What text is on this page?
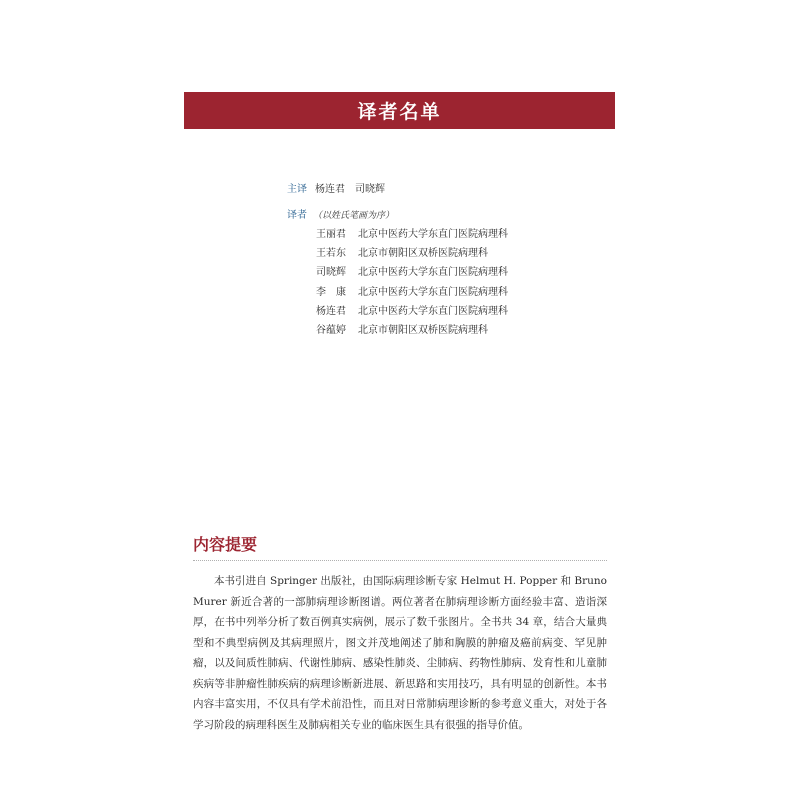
译者名单
主译 杨连君　司晓辉
译者 （以姓氏笔画为序）
王丽君 北京中医药大学东直门医院病理科
王若东 北京市朝阳区双桥医院病理科
司晓辉 北京中医药大学东直门医院病理科
李　康 北京中医药大学东直门医院病理科
杨连君 北京中医药大学东直门医院病理科
谷蕴婷 北京市朝阳区双桥医院病理科
内容提要
本书引进自 Springer 出版社，由国际病理诊断专家 Helmut H. Popper 和 Bruno Murer 新近合著的一部肺病理诊断图谱。两位著者在肺病理诊断方面经验丰富、造诣深厚，在书中列举分析了数百例真实病例，展示了数千张图片。全书共 34 章，结合大量典型和不典型病例及其病理照片，图文并茂地阐述了肺和胸膜的肿瘤及癌前病变、罕见肿瘤，以及间质性肺病、代谢性肺病、感染性肺炎、尘肺病、药物性肺病、发育性和儿童肺疾病等非肿瘤性肺疾病的病理诊断新进展、新思路和实用技巧，具有明显的创新性。本书内容丰富实用，不仅具有学术前沿性，而且对日常肺病理诊断的参考意义重大，对处于各学习阶段的病理科医生及肺病相关专业的临床医生具有很强的指导价值。
